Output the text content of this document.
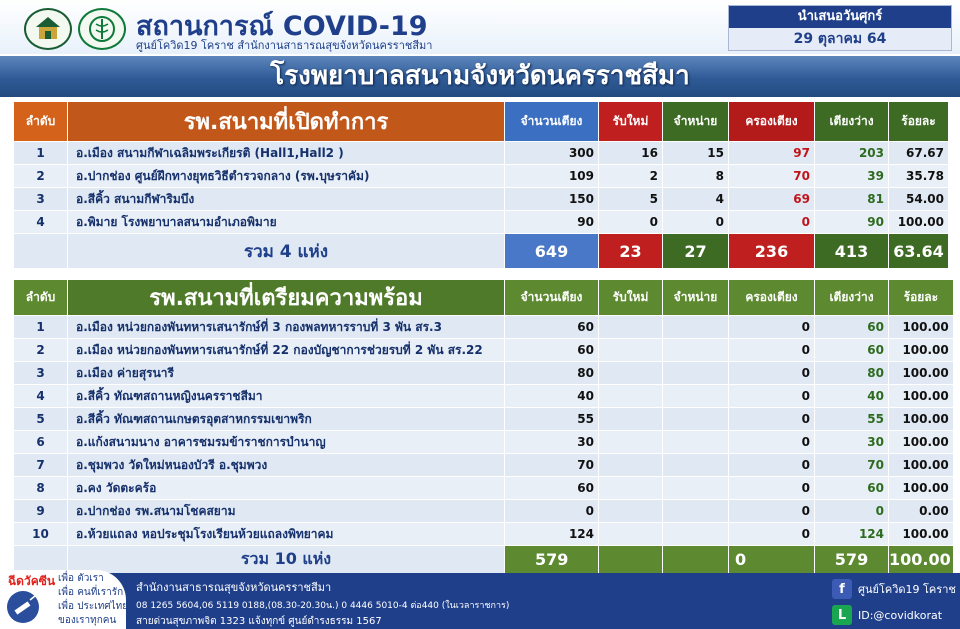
สถานการณ์ COVID-19
ศูนย์โควิด19 โคราช สำนักงานสาธารณสุขจังหวัดนครราชสีมา
นำเสนอวันศุกร์
29 ตุลาคม 64
โรงพยาบาลสนามจังหวัดนครราชสีมา
ลำดับ	รพ.สนามที่เปิดทำการ	จำนวนเตียง	รับใหม่	จำหน่าย	ครองเตียง	เตียงว่าง	ร้อยละ
1	อ.เมือง สนามกีฬาเฉลิมพระเกียรติ (Hall1,Hall2 )	300	16	15	97	203	67.67
2	อ.ปากช่อง ศูนย์ฝึกทางยุทธวิธีตำรวจกลาง (รพ.บุษราคัม)	109	2	8	70	39	35.78
3	อ.สีคิ้ว สนามกีฬาริมบึง	150	5	4	69	81	54.00
4	อ.พิมาย โรงพยาบาลสนามอำเภอพิมาย	90	0	0	0	90	100.00
	รวม 4 แห่ง	649	23	27	236	413	63.64
ลำดับ	รพ.สนามที่เตรียมความพร้อม	จำนวนเตียง	รับใหม่	จำหน่าย	ครองเตียง	เตียงว่าง	ร้อยละ
1	อ.เมือง หน่วยกองพันทหารเสนารักษ์ที่ 3 กองพลทหารราบที่ 3 พัน สร.3	60			0	60	100.00
2	อ.เมือง หน่วยกองพันทหารเสนารักษ์ที่ 22 กองบัญชาการช่วยรบที่ 2 พัน สร.22	60			0	60	100.00
3	อ.เมือง ค่ายสุรนารี	80			0	80	100.00
4	อ.สีคิ้ว ทัณฑสถานหญิงนครราชสีมา	40			0	40	100.00
5	อ.สีคิ้ว ทัณฑสถานเกษตรอุตสาหกรรมเขาพริก	55			0	55	100.00
6	อ.แก้งสนามนาง อาคารชมรมข้าราชการบำนาญ	30			0	30	100.00
7	อ.ชุมพวง วัดใหม่หนองบัวรี อ.ชุมพวง	70			0	70	100.00
8	อ.คง วัดตะคร้อ	60			0	60	100.00
9	อ.ปากช่อง รพ.สนามโชคสยาม	0			0	0	0.00
10	อ.ห้วยแถลง หอประชุมโรงเรียนห้วยแถลงพิทยาคม	124			0	124	100.00
	รวม 10 แห่ง	579			0	579	100.00
สำนักงานสาธารณสุขจังหวัดนครราชสีมา
08 1265 5604,06 5119 0188,(08.30-20.30น.) 0 4446 5010-4 ต่อ440 (ในเวลาราชการ)
สายด่วนสุขภาพจิต 1323 แจ้งทุกข์ ศูนย์ดำรงธรรม 1567
f	ศูนย์โควิด19 โคราช
L	ID:@covidkorat
ฉีดวัคซีน เพื่อ ตัวเรา
เพื่อ คนที่เรารัก
เพื่อ ประเทศไทย
ของเราทุกคน
